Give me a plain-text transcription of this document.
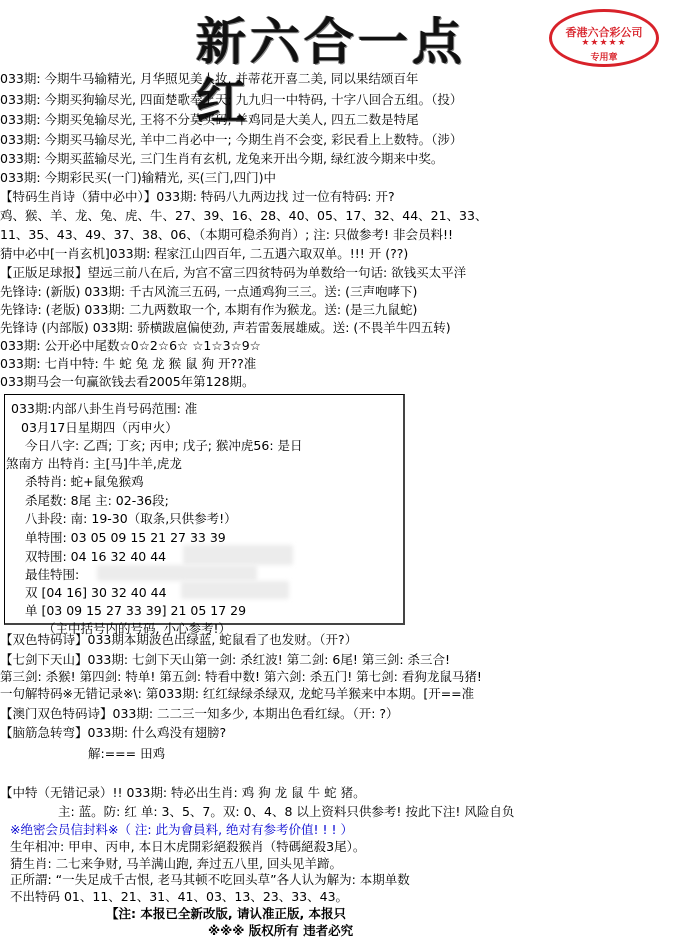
新六合一点红
香港六合彩公司
★★★★★
专用章
033期: 今期牛马输精光, 月华照见美人妆, 并蒂花开喜二美, 同以果结颂百年
033期: 今期买狗输尽光, 四面楚歌奉上天; 九九归一中特码, 十字八回合五组。（投）
033期: 今期买兔输尽光, 王将不分莫买码; 羊鸡同是大美人, 四五二数是特尾
033期: 今期买马输尽光, 羊中二肖必中一; 今期生肖不会变, 彩民看上上数特。（涉）
033期: 今期买蓝输尽光, 三门生肖有玄机, 龙兔来开出今期, 绿红波今期来中奖。
033期: 今期彩民买(一门)输精光, 买(三门,四门)中
【特码生肖诗（猜中必中）】033期: 特码八九两边找 过一位有特码: 开?
鸡、猴、羊、龙、兔、虎、牛、27、39、16、28、40、05、17、32、44、21、33、
11、35、43、49、37、38、06、（本期可稳杀狗肖）; 注: 只做参考! 非会员料!!
猜中必中[一肖玄机]033期: 程家江山四百年, 二五遇六取双单。!!! 开 (??)
【正版足球报】望远三前八在后, 为宫不富三四贫特码为单数给一句话: 欲钱买太平洋
先锋诗: (新版) 033期: 千古风流三五码, 一点通鸡狗三三。送: (三声咆哮下)
先锋诗: (老版) 033期: 二九两数取一个, 本期有作为猴龙。送: (是三九鼠蛇)
先锋诗 (内部版) 033期: 骄横跋扈偏使劲, 声若雷轰展雄威。送: (不畏羊牛四五转)
033期: 公开必中尾数☆0☆2☆6☆ ☆1☆3☆9☆
033期: 七肖中特: 牛 蛇 兔 龙 猴 鼠 狗 开??准
033期马会一句赢欲钱去看2005年第128期。
033期:内部八卦生肖号码范围: 准
03月17日星期四（丙申火）
今日八字: 乙酉; 丁亥; 丙申; 戊子; 猴冲虎56: 是日
煞南方 出特肖: 主[马]牛羊,虎龙
杀特肖: 蛇+鼠兔猴鸡
杀尾数: 8尾 主: 02-36段;
八卦段: 南: 19-30（取条,只供参考!）
单特围: 03 05 09 15 21 27 33 39
双特围: 04 16 32 40 44
最佳特围:
双 [04 16] 30 32 40 44
单 [03 09 15 27 33 39] 21 05 17 29
（主中括号内的号码, 小心参考!）
【双色特码诗】033期本期波色出绿蓝, 蛇鼠看了也发财。（开?）
【七剑下天山】033期: 七剑下天山第一剑: 杀红波! 第二剑: 6尾! 第三剑: 杀三合!
第三剑: 杀猴! 第四剑: 特单! 第五剑: 特看中数! 第六剑: 杀五门! 第七剑: 看狗龙鼠马猪!
一句解特码※无错记录※\: 第033期: 红红绿绿杀绿双, 龙蛇马羊猴来中本期。[开==准
【澳门双色特码诗】033期: 二二三一知多少, 本期出色看红绿。（开: ?）
【脑筋急转弯】033期: 什么鸡没有翅膀?
解:=== 田鸡
【中特（无错记录）!! 033期: 特必出生肖: 鸡 狗 龙 鼠 牛 蛇 猪。
主: 蓝。防: 红 单: 3、5、7。双: 0、4、8 以上资料只供参考! 按此下注! 风险自负
※绝密会员信封料※（ 注: 此为會員料, 绝对有参考价值! ! ! ）
生年相冲: 甲申、丙申, 本日木虎開彩絕殺猴肖（特碼絕殺3尾）。
猜生肖: 二七来争财, 马羊满山跑, 奔过五八里, 回头见羊蹄。
正所謂: “一失足成千古恨, 老马其顿不吃回头草”各人认为解为: 本期单数
不出特码 01、11、21、31、41、03、13、23、33、43。
【注: 本报已全新改版, 请认准正版, 本报只
※※※ 版权所有 违者必究
